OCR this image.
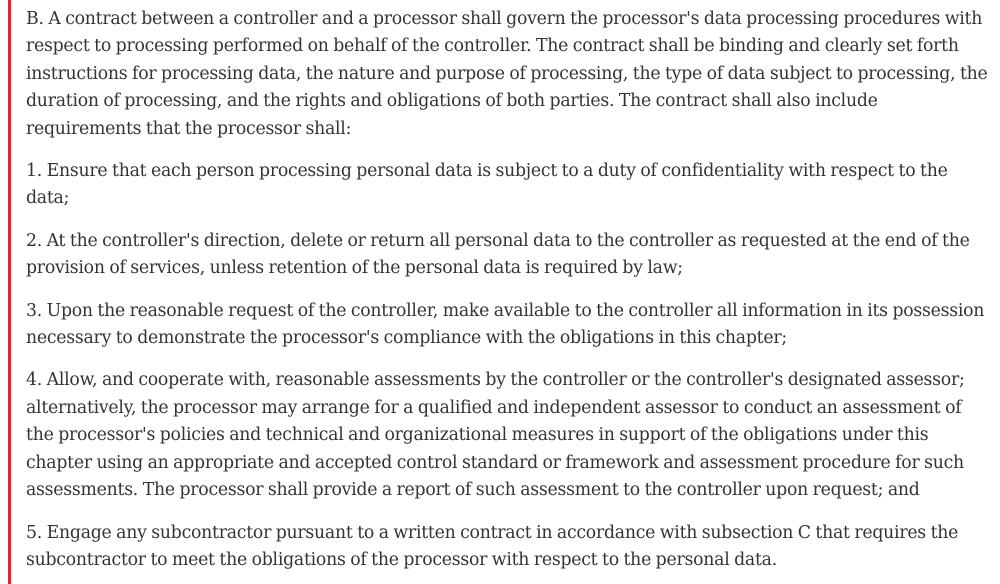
B. A contract between a controller and a processor shall govern the processor's data processing procedures with respect to processing performed on behalf of the controller. The contract shall be binding and clearly set forth instructions for processing data, the nature and purpose of processing, the type of data subject to processing, the duration of processing, and the rights and obligations of both parties. The contract shall also include requirements that the processor shall:

1. Ensure that each person processing personal data is subject to a duty of confidentiality with respect to the data;

2. At the controller's direction, delete or return all personal data to the controller as requested at the end of the provision of services, unless retention of the personal data is required by law;

3. Upon the reasonable request of the controller, make available to the controller all information in its possession necessary to demonstrate the processor's compliance with the obligations in this chapter;

4. Allow, and cooperate with, reasonable assessments by the controller or the controller's designated assessor; alternatively, the processor may arrange for a qualified and independent assessor to conduct an assessment of the processor's policies and technical and organizational measures in support of the obligations under this chapter using an appropriate and accepted control standard or framework and assessment procedure for such assessments. The processor shall provide a report of such assessment to the controller upon request; and

5. Engage any subcontractor pursuant to a written contract in accordance with subsection C that requires the subcontractor to meet the obligations of the processor with respect to the personal data.
